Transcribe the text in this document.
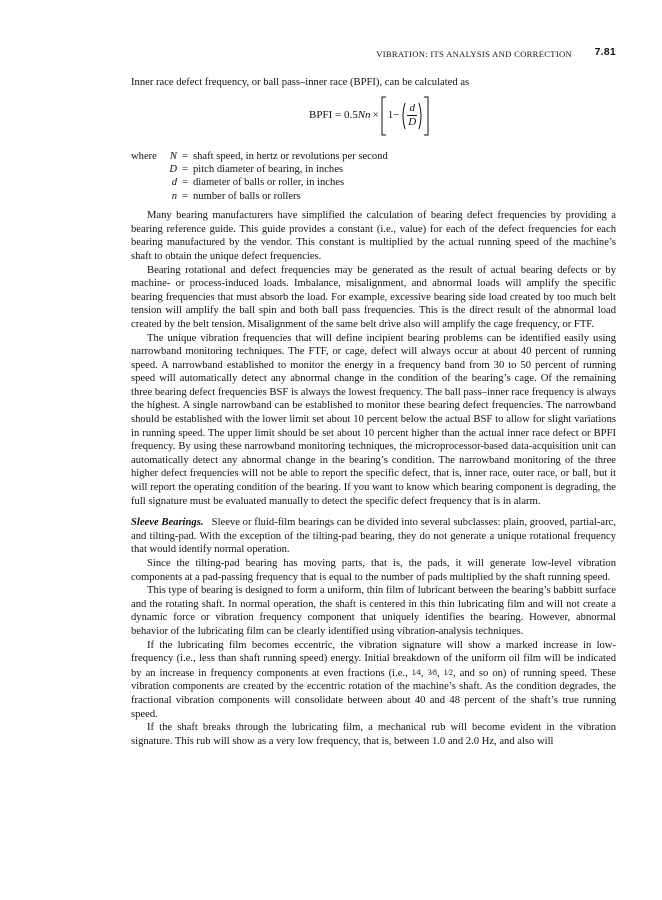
VIBRATION: ITS ANALYSIS AND CORRECTION 7.81

Inner race defect frequency, or ball pass–inner race (BPFI), can be calculated as

BPFI = 0.5 $Nn \times 1- \frac{d}{D}$
where	N = shaft speed, in hertz or revolutions per second
D = pitch diameter of bearing, in inches
d = diameter of balls or roller, in inches
n = number of balls or rollers

Many bearing manufacturers have simplified the calculation of bearing defect frequencies by providing a bearing reference guide. This guide provides a constant (i.e., value) for each of the defect frequencies for each bearing manufactured by the vendor. This constant is multiplied by the actual running speed of the machine’s shaft to obtain the unique defect frequencies.

Bearing rotational and defect frequencies may be generated as the result of actual bearing defects or by machine- or process-induced loads. Imbalance, misalignment, and abnormal loads will amplify the specific bearing frequencies that must absorb the load. For example, excessive bearing side load created by too much belt tension will amplify the ball spin and both ball pass frequencies. This is the direct result of the abnormal load created by the belt tension. Misalignment of the same belt drive also will amplify the cage frequency, or FTF.

The unique vibration frequencies that will define incipient bearing problems can be identified easily using narrowband monitoring techniques. The FTF, or cage, defect will always occur at about 40 percent of running speed. A narrowband established to monitor the energy in a frequency band from 30 to 50 percent of running speed will automatically detect any abnormal change in the condition of the bearing’s cage. Of the remaining three bearing defect frequencies BSF is always the lowest frequency. The ball pass–inner race frequency is always the highest. A single narrowband can be established to monitor these bearing defect frequencies. The narrowband should be established with the lower limit set about 10 percent below the actual BSF to allow for slight variations in running speed. The upper limit should be set about 10 percent higher than the actual inner race defect or BPFI frequency. By using these narrowband monitoring techniques, the microprocessor-based data-acquisition unit can automatically detect any abnormal change in the bearing’s condition. The narrowband monitoring of the three higher defect frequencies will not be able to report the specific defect, that is, inner race, outer race, or ball, but it will report the operating condition of the bearing. If you want to know which bearing component is degrading, the full signature must be evaluated manually to detect the specific defect frequency that is in alarm.

Sleeve Bearings. Sleeve or fluid-film bearings can be divided into several subclasses: plain, grooved, partial-arc, and tilting-pad. With the exception of the tilting-pad bearing, they do not generate a unique rotational frequency that would identify normal operation.

Since the tilting-pad bearing has moving parts, that is, the pads, it will generate low-level vibration components at a pad-passing frequency that is equal to the number of pads multiplied by the shaft running speed.

This type of bearing is designed to form a uniform, thin film of lubricant between the bearing’s babbitt surface and the rotating shaft. In normal operation, the shaft is centered in this thin lubricating film and will not create a dynamic force or vibration frequency component that uniquely identifies the bearing. However, abnormal behavior of the lubricating film can be clearly identified using vibration-analysis techniques.

If the lubricating film becomes eccentric, the vibration signature will show a marked increase in low-frequency (i.e., less than shaft running speed) energy. Initial breakdown of the uniform oil film will be indicated by an increase in frequency components at even fractions (i.e., 1⁄4, 3⁄8, 1⁄2, and so on) of running speed. These vibration components are created by the eccentric rotation of the machine’s shaft. As the condition degrades, the fractional vibration components will consolidate between about 40 and 48 percent of the shaft’s true running speed.

If the shaft breaks through the lubricating film, a mechanical rub will become evident in the vibration signature. This rub will show as a very low frequency, that is, between 1.0 and 2.0 Hz, and also will
